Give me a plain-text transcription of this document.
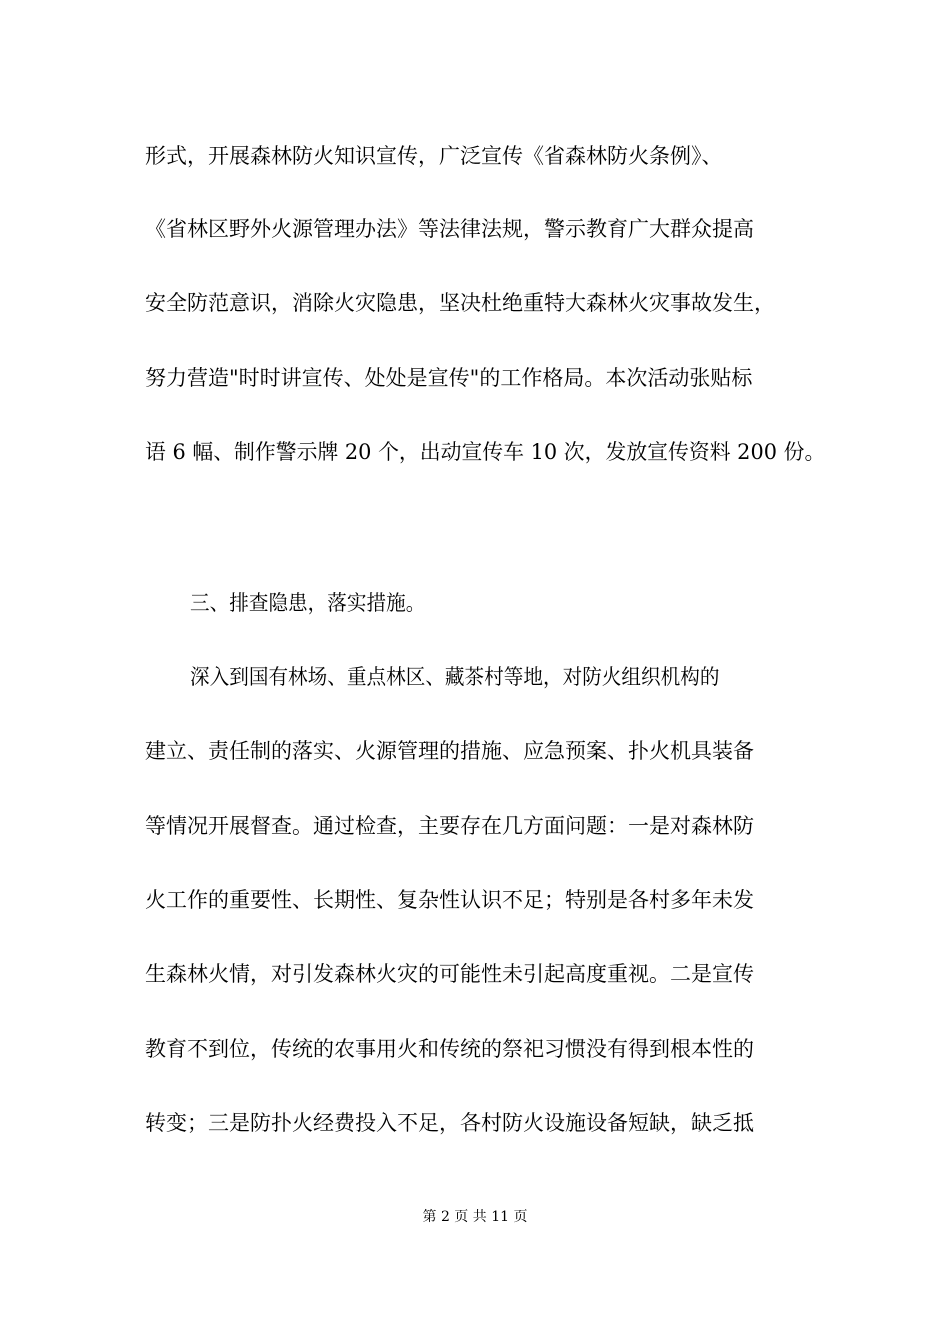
形式，开展森林防火知识宣传，广泛宣传《省森林防火条例》、
《省林区野外火源管理办法》等法律法规，警示教育广大群众提高
安全防范意识，消除火灾隐患，坚决杜绝重特大森林火灾事故发生，
努力营造"时时讲宣传、处处是宣传"的工作格局。本次活动张贴标
语 6 幅、制作警示牌 20 个，出动宣传车 10 次，发放宣传资料 200 份。
三、排查隐患，落实措施。
深入到国有林场、重点林区、藏茶村等地，对防火组织机构的
建立、责任制的落实、火源管理的措施、应急预案、扑火机具装备
等情况开展督查。通过检查，主要存在几方面问题：一是对森林防
火工作的重要性、长期性、复杂性认识不足；特别是各村多年未发
生森林火情，对引发森林火灾的可能性未引起高度重视。二是宣传
教育不到位，传统的农事用火和传统的祭祀习惯没有得到根本性的
转变；三是防扑火经费投入不足，各村防火设施设备短缺，缺乏抵
第 2 页 共 11 页
